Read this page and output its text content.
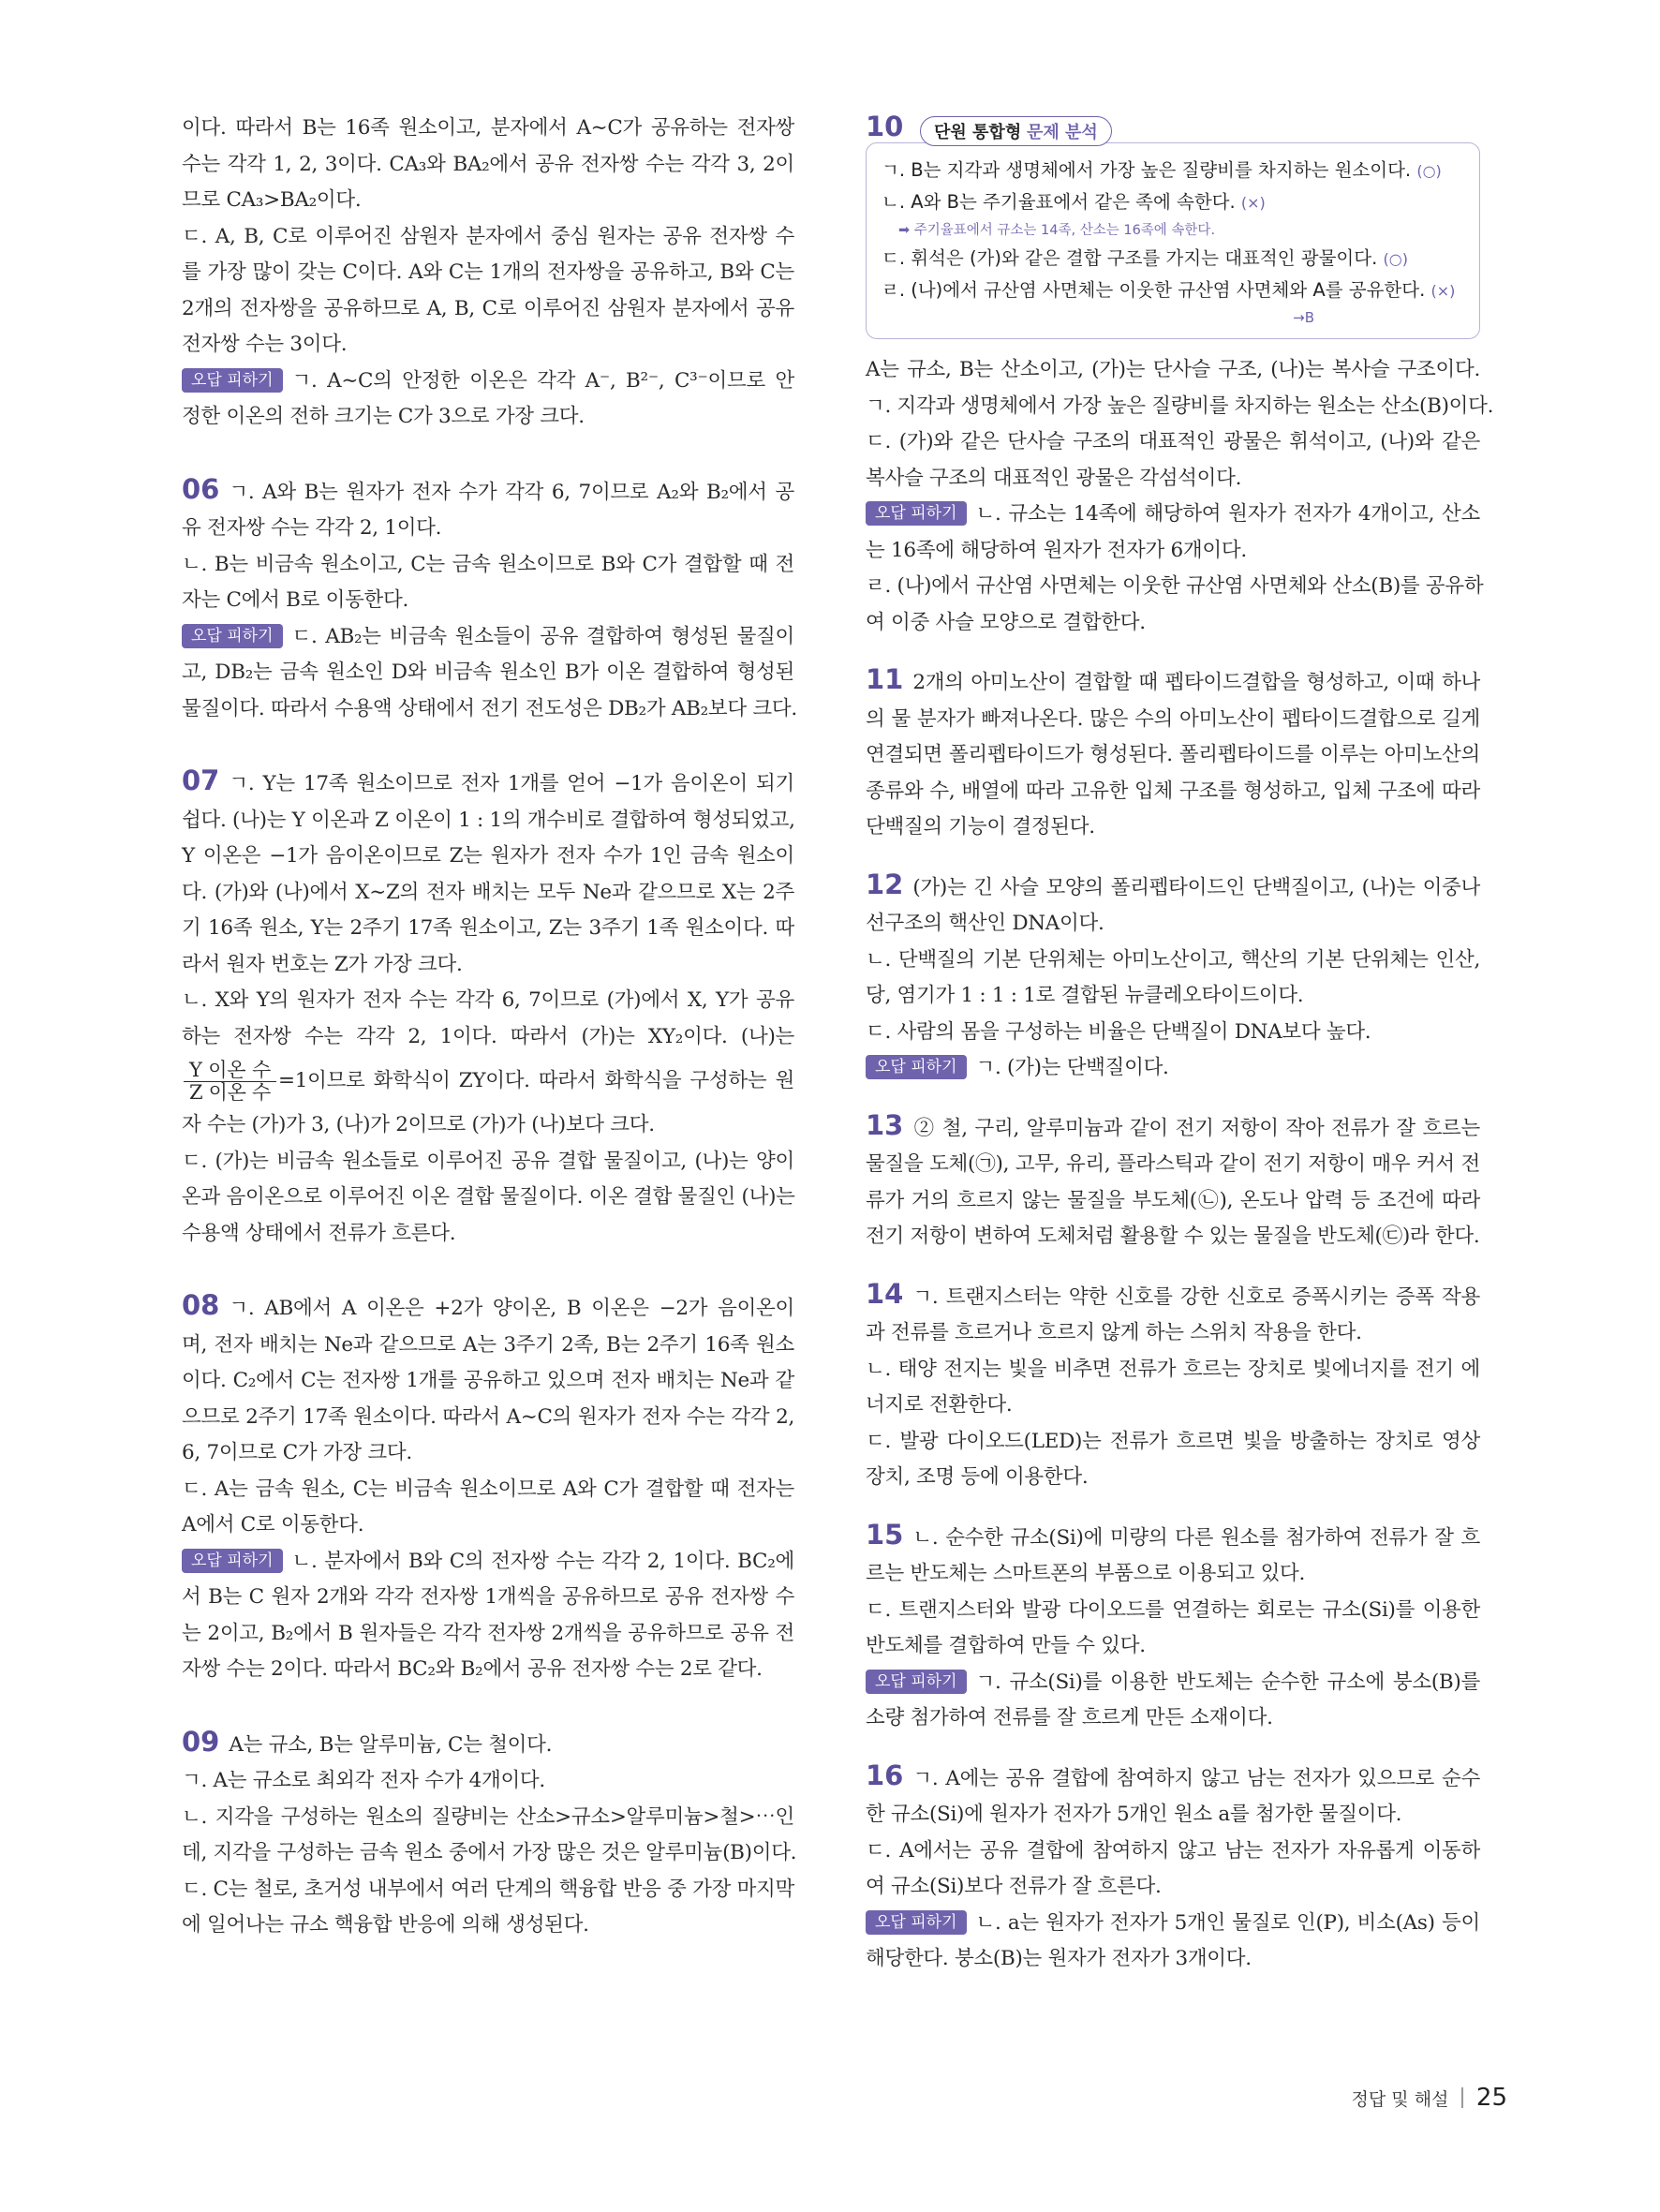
이다. 따라서 B는 16족 원소이고, 분자에서 A∼C가 공유하는 전자쌍

수는 각각 1, 2, 3이다. CA₃와 BA₂에서 공유 전자쌍 수는 각각 3, 2이

므로 CA₃>BA₂이다.

ㄷ. A, B, C로 이루어진 삼원자 분자에서 중심 원자는 공유 전자쌍 수

를 가장 많이 갖는 C이다. A와 C는 1개의 전자쌍을 공유하고, B와 C는

2개의 전자쌍을 공유하므로 A, B, C로 이루어진 삼원자 분자에서 공유

전자쌍 수는 3이다.

오답 피하기 ㄱ. A∼C의 안정한 이온은 각각 A⁻, B²⁻, C³⁻이므로 안

정한 이온의 전하 크기는 C가 3으로 가장 크다.

06 ㄱ. A와 B는 원자가 전자 수가 각각 6, 7이므로 A₂와 B₂에서 공

유 전자쌍 수는 각각 2, 1이다.

ㄴ. B는 비금속 원소이고, C는 금속 원소이므로 B와 C가 결합할 때 전

자는 C에서 B로 이동한다.

오답 피하기 ㄷ. AB₂는 비금속 원소들이 공유 결합하여 형성된 물질이

고, DB₂는 금속 원소인 D와 비금속 원소인 B가 이온 결합하여 형성된

물질이다. 따라서 수용액 상태에서 전기 전도성은 DB₂가 AB₂보다 크다.

07 ㄱ. Y는 17족 원소이므로 전자 1개를 얻어 −1가 음이온이 되기

쉽다. (나)는 Y 이온과 Z 이온이 1 : 1의 개수비로 결합하여 형성되었고,

Y 이온은 −1가 음이온이므로 Z는 원자가 전자 수가 1인 금속 원소이

다. (가)와 (나)에서 X∼Z의 전자 배치는 모두 Ne과 같으므로 X는 2주

기 16족 원소, Y는 2주기 17족 원소이고, Z는 3주기 1족 원소이다. 따

라서 원자 번호는 Z가 가장 크다.

ㄴ. X와 Y의 원자가 전자 수는 각각 6, 7이므로 (가)에서 X, Y가 공유

하는 전자쌍 수는 각각 2, 1이다. 따라서 (가)는 XY₂이다. (나)는

$\frac{\text{Y 이온 수}}{\text{Z 이온 수}} =1$이므로 화학식이 ZY이다. 따라서 화학식을 구성하는 원

자 수는 (가)가 3, (나)가 2이므로 (가)가 (나)보다 크다.

ㄷ. (가)는 비금속 원소들로 이루어진 공유 결합 물질이고, (나)는 양이

온과 음이온으로 이루어진 이온 결합 물질이다. 이온 결합 물질인 (나)는

수용액 상태에서 전류가 흐른다.

08 ㄱ. AB에서 A 이온은 +2가 양이온, B 이온은 −2가 음이온이

며, 전자 배치는 Ne과 같으므로 A는 3주기 2족, B는 2주기 16족 원소

이다. C₂에서 C는 전자쌍 1개를 공유하고 있으며 전자 배치는 Ne과 같

으므로 2주기 17족 원소이다. 따라서 A∼C의 원자가 전자 수는 각각 2,

6, 7이므로 C가 가장 크다.

ㄷ. A는 금속 원소, C는 비금속 원소이므로 A와 C가 결합할 때 전자는

A에서 C로 이동한다.

오답 피하기 ㄴ. 분자에서 B와 C의 전자쌍 수는 각각 2, 1이다. BC₂에

서 B는 C 원자 2개와 각각 전자쌍 1개씩을 공유하므로 공유 전자쌍 수

는 2이고, B₂에서 B 원자들은 각각 전자쌍 2개씩을 공유하므로 공유 전

자쌍 수는 2이다. 따라서 BC₂와 B₂에서 공유 전자쌍 수는 2로 같다.

09 A는 규소, B는 알루미늄, C는 철이다.

ㄱ. A는 규소로 최외각 전자 수가 4개이다.

ㄴ. 지각을 구성하는 원소의 질량비는 산소>규소>알루미늄>철>⋯인

데, 지각을 구성하는 금속 원소 중에서 가장 많은 것은 알루미늄(B)이다.

ㄷ. C는 철로, 초거성 내부에서 여러 단계의 핵융합 반응 중 가장 마지막

에 일어나는 규소 핵융합 반응에 의해 생성된다.

10	단원 통합형 문제 분석
ㄱ. B는 지각과 생명체에서 가장 높은 질량비를 차지하는 원소이다. (○)
ㄴ. A와 B는 주기율표에서 같은 족에 속한다. (×)
➡ 주기율표에서 규소는 14족, 산소는 16족에 속한다.
ㄷ. 휘석은 (가)와 같은 결합 구조를 가지는 대표적인 광물이다. (○)
ㄹ. (나)에서 규산염 사면체는 이웃한 규산염 사면체와 A를 공유한다. (×)
→B

A는 규소, B는 산소이고, (가)는 단사슬 구조, (나)는 복사슬 구조이다.

ㄱ. 지각과 생명체에서 가장 높은 질량비를 차지하는 원소는 산소(B)이다.

ㄷ. (가)와 같은 단사슬 구조의 대표적인 광물은 휘석이고, (나)와 같은

복사슬 구조의 대표적인 광물은 각섬석이다.

오답 피하기 ㄴ. 규소는 14족에 해당하여 원자가 전자가 4개이고, 산소

는 16족에 해당하여 원자가 전자가 6개이다.

ㄹ. (나)에서 규산염 사면체는 이웃한 규산염 사면체와 산소(B)를 공유하

여 이중 사슬 모양으로 결합한다.

11 2개의 아미노산이 결합할 때 펩타이드결합을 형성하고, 이때 하나

의 물 분자가 빠져나온다. 많은 수의 아미노산이 펩타이드결합으로 길게

연결되면 폴리펩타이드가 형성된다. 폴리펩타이드를 이루는 아미노산의

종류와 수, 배열에 따라 고유한 입체 구조를 형성하고, 입체 구조에 따라

단백질의 기능이 결정된다.

12 (가)는 긴 사슬 모양의 폴리펩타이드인 단백질이고, (나)는 이중나

선구조의 핵산인 DNA이다.

ㄴ. 단백질의 기본 단위체는 아미노산이고, 핵산의 기본 단위체는 인산,

당, 염기가 1 : 1 : 1로 결합된 뉴클레오타이드이다.

ㄷ. 사람의 몸을 구성하는 비율은 단백질이 DNA보다 높다.

오답 피하기 ㄱ. (가)는 단백질이다.

13 ② 철, 구리, 알루미늄과 같이 전기 저항이 작아 전류가 잘 흐르는

물질을 도체(㉠), 고무, 유리, 플라스틱과 같이 전기 저항이 매우 커서 전

류가 거의 흐르지 않는 물질을 부도체(㉡), 온도나 압력 등 조건에 따라

전기 저항이 변하여 도체처럼 활용할 수 있는 물질을 반도체(㉢)라 한다.

14 ㄱ. 트랜지스터는 약한 신호를 강한 신호로 증폭시키는 증폭 작용

과 전류를 흐르거나 흐르지 않게 하는 스위치 작용을 한다.

ㄴ. 태양 전지는 빛을 비추면 전류가 흐르는 장치로 빛에너지를 전기 에

너지로 전환한다.

ㄷ. 발광 다이오드(LED)는 전류가 흐르면 빛을 방출하는 장치로 영상

장치, 조명 등에 이용한다.

15 ㄴ. 순수한 규소(Si)에 미량의 다른 원소를 첨가하여 전류가 잘 흐

르는 반도체는 스마트폰의 부품으로 이용되고 있다.

ㄷ. 트랜지스터와 발광 다이오드를 연결하는 회로는 규소(Si)를 이용한

반도체를 결합하여 만들 수 있다.

오답 피하기 ㄱ. 규소(Si)를 이용한 반도체는 순수한 규소에 붕소(B)를

소량 첨가하여 전류를 잘 흐르게 만든 소재이다.

16 ㄱ. A에는 공유 결합에 참여하지 않고 남는 전자가 있으므로 순수

한 규소(Si)에 원자가 전자가 5개인 원소 a를 첨가한 물질이다.

ㄷ. A에서는 공유 결합에 참여하지 않고 남는 전자가 자유롭게 이동하

여 규소(Si)보다 전류가 잘 흐른다.

오답 피하기 ㄴ. a는 원자가 전자가 5개인 물질로 인(P), 비소(As) 등이

해당한다. 붕소(B)는 원자가 전자가 3개이다.

정답 및 해설 25
